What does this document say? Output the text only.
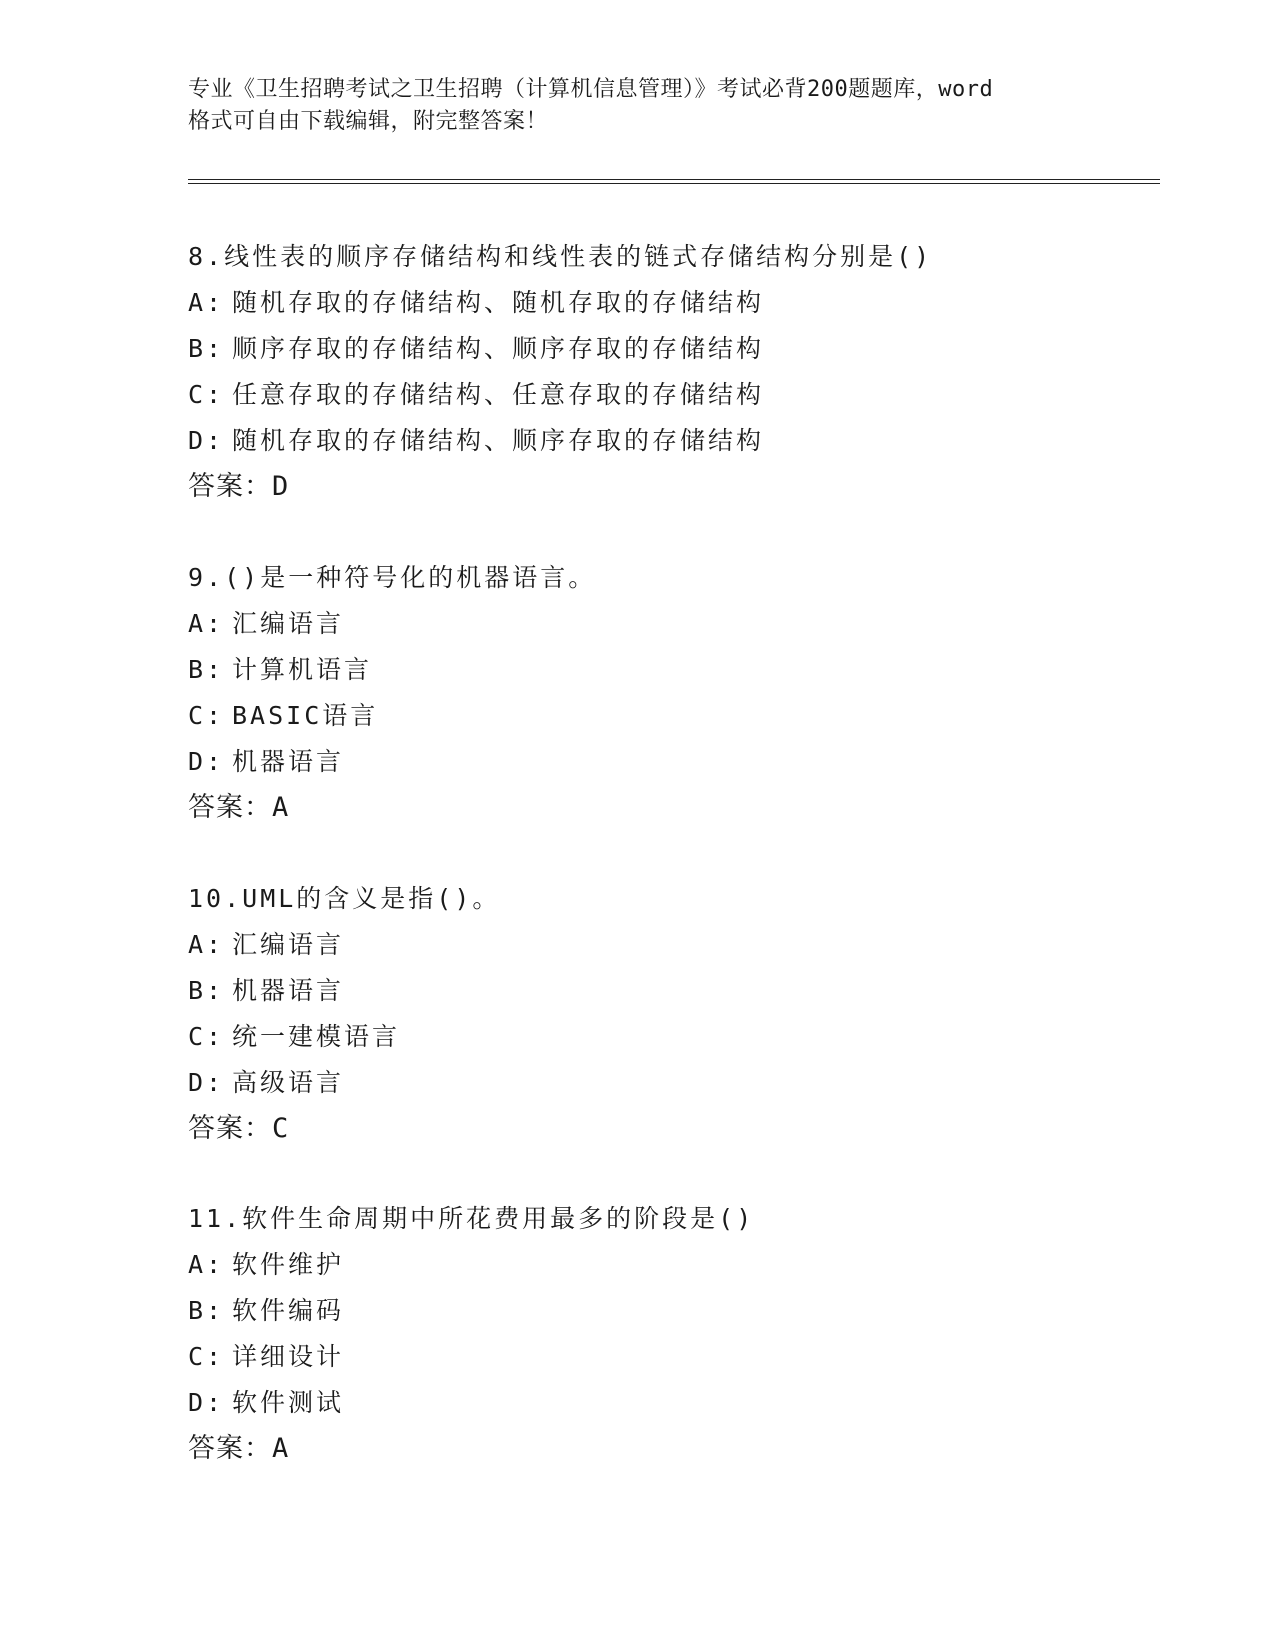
专业《卫生招聘考试之卫生招聘（计算机信息管理）》考试必背200题题库，word
格式可自由下载编辑，附完整答案！
8.线性表的顺序存储结构和线性表的链式存储结构分别是()
A: 随机存取的存储结构、随机存取的存储结构
B: 顺序存取的存储结构、顺序存取的存储结构
C: 任意存取的存储结构、任意存取的存储结构
D: 随机存取的存储结构、顺序存取的存储结构
答案：D
9.()是一种符号化的机器语言。
A: 汇编语言
B: 计算机语言
C: BASIC语言
D: 机器语言
答案：A
10.UML的含义是指()。
A: 汇编语言
B: 机器语言
C: 统一建模语言
D: 高级语言
答案：C
11.软件生命周期中所花费用最多的阶段是()
A: 软件维护
B: 软件编码
C: 详细设计
D: 软件测试
答案：A
